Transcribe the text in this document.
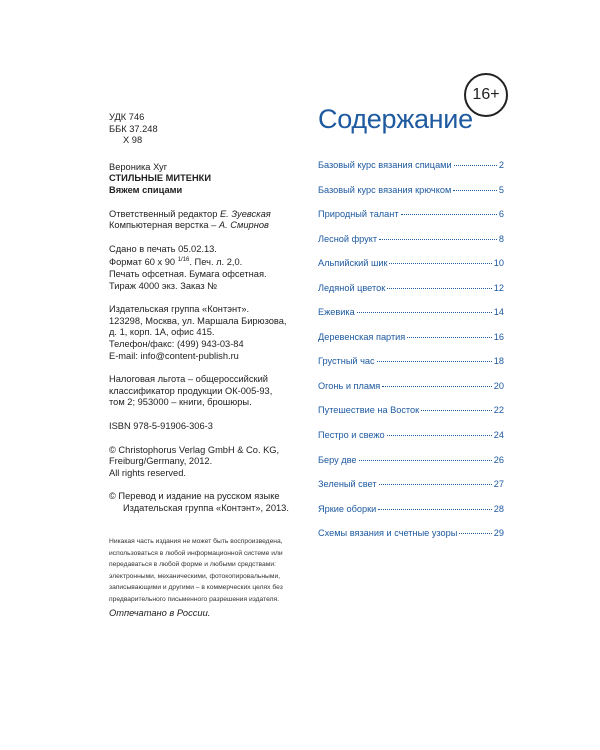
УДК 746

ББК 37.248

Х 98

Вероника Хуг

СТИЛЬНЫЕ МИТЕНКИ

Вяжем спицами

Ответственный редактор Е. Зуевская

Компьютерная верстка – А. Смирнов

Сдано в печать 05.02.13.

Формат 60 х 90 $^{1/16}$. Печ. л. 2,0.

Печать офсетная. Бумага офсетная.

Тираж 4000 экз. Заказ №

Издательская группа «Контэнт».

123298, Москва, ул. Маршала Бирюзова,

д. 1, корп. 1А, офис 415.

Телефон/факс: (499) 943-03-84

E-mail: info@content-publish.ru

Налоговая льгота – общероссийский

классификатор продукции ОК-005-93,

том 2; 953000 – книги, брошюры.

ISBN 978-5-91906-306-3

© Christophorus Verlag GmbH & Co. KG,

Freiburg/Germany, 2012.

All rights reserved.

© Перевод и издание на русском языке

Издательская группа «Контэнт», 2013.

Никакая часть издания не может быть воспроизведена,

использоваться в любой информационной системе или

передаваться в любой форме и любыми средствами:

электронными, механическими, фотокопировальными,

записывающими и другими – в коммерческих целях без

предварительного письменного разрешения издателя.

Отпечатано в России.
16+
Содержание
Базовый курс вязания спицами	2
Базовый курс вязания крючком	5
Природный талант	6
Лесной фрукт	8
Альпийский шик	10
Ледяной цветок	12
Ежевика	14
Деревенская партия	16
Грустный час	18
Огонь и пламя	20
Путешествие на Восток	22
Пестро и свежо	24
Беру две	26
Зеленый свет	27
Яркие оборки	28
Схемы вязания и счетные узоры	29
